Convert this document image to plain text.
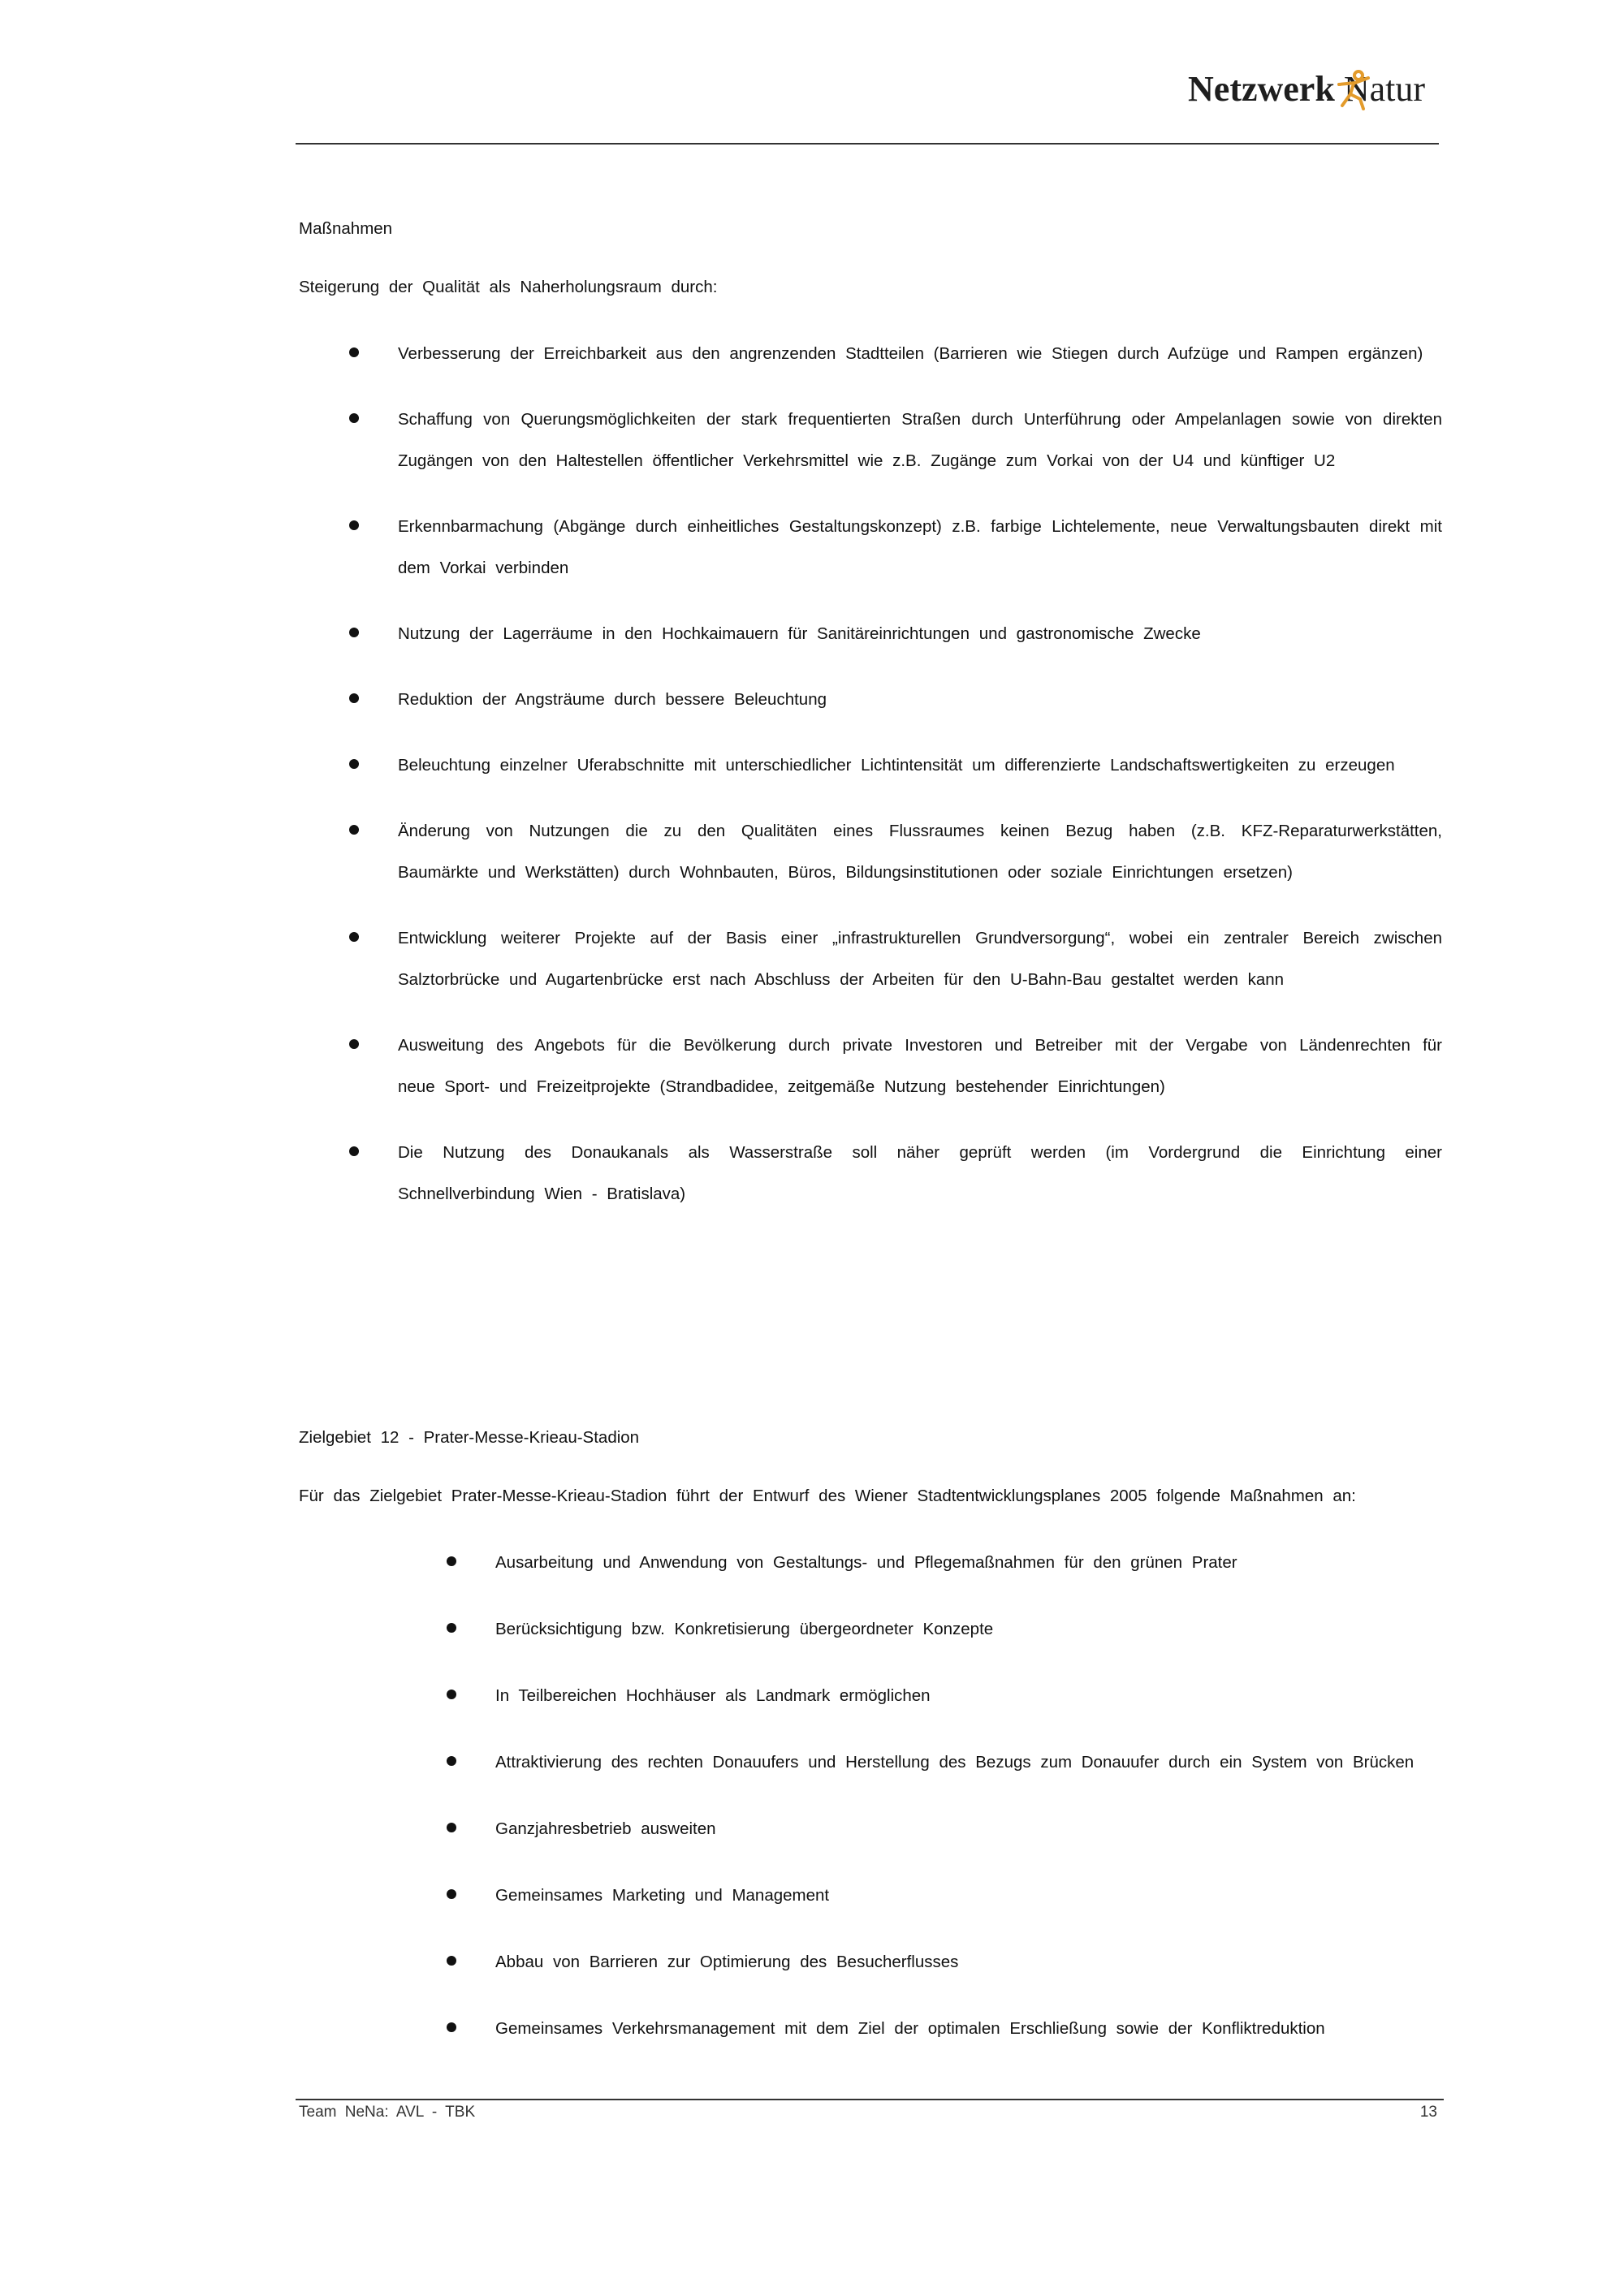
Netzwerk Natur
Maßnahmen
Steigerung der Qualität als Naherholungsraum durch:
Verbesserung der Erreichbarkeit aus den angrenzenden Stadtteilen (Barrieren wie Stiegen durch Aufzüge und Rampen ergänzen)
Schaffung von Querungsmöglichkeiten der stark frequentierten Straßen durch Unterführung oder Ampelanlagen sowie von direkten Zugängen von den Haltestellen öffentlicher Verkehrsmittel wie z.B. Zugänge zum Vorkai von der U4 und künftiger U2
Erkennbarmachung (Abgänge durch einheitliches Gestaltungskonzept) z.B. farbige Lichtelemente, neue Verwaltungsbauten direkt mit dem Vorkai verbinden
Nutzung der Lagerräume in den Hochkaimauern für Sanitäreinrichtungen und gastronomische Zwecke
Reduktion der Angsträume durch bessere Beleuchtung
Beleuchtung einzelner Uferabschnitte mit unterschiedlicher Lichtintensität um differenzierte Landschaftswertigkeiten zu erzeugen
Änderung von Nutzungen die zu den Qualitäten eines Flussraumes keinen Bezug haben (z.B. KFZ-Reparaturwerkstätten, Baumärkte und Werkstätten) durch Wohnbauten, Büros, Bildungsinstitutionen oder soziale Einrichtungen ersetzen)
Entwicklung weiterer Projekte auf der Basis einer „infrastrukturellen Grundversorgung“, wobei ein zentraler Bereich zwischen Salztorbrücke und Augartenbrücke erst nach Abschluss der Arbeiten für den U-Bahn-Bau gestaltet werden kann
Ausweitung des Angebots für die Bevölkerung durch private Investoren und Betreiber mit der Vergabe von Ländenrechten für neue Sport- und Freizeitprojekte (Strandbadidee, zeitgemäße Nutzung bestehender Einrichtungen)
Die Nutzung des Donaukanals als Wasserstraße soll näher geprüft werden (im Vordergrund die Einrichtung einer Schnellverbindung Wien - Bratislava)
Zielgebiet 12 - Prater-Messe-Krieau-Stadion
Für das Zielgebiet Prater-Messe-Krieau-Stadion führt der Entwurf des Wiener Stadtentwicklungsplanes 2005 folgende Maßnahmen an:
Ausarbeitung und Anwendung von Gestaltungs- und Pflegemaßnahmen für den grünen Prater
Berücksichtigung bzw. Konkretisierung übergeordneter Konzepte
In Teilbereichen Hochhäuser als Landmark ermöglichen
Attraktivierung des rechten Donauufers und Herstellung des Bezugs zum Donauufer durch ein System von Brücken
Ganzjahresbetrieb ausweiten
Gemeinsames Marketing und Management
Abbau von Barrieren zur Optimierung des Besucherflusses
Gemeinsames Verkehrsmanagement mit dem Ziel der optimalen Erschließung sowie der Konfliktreduktion
Team NeNa: AVL - TBK	13
